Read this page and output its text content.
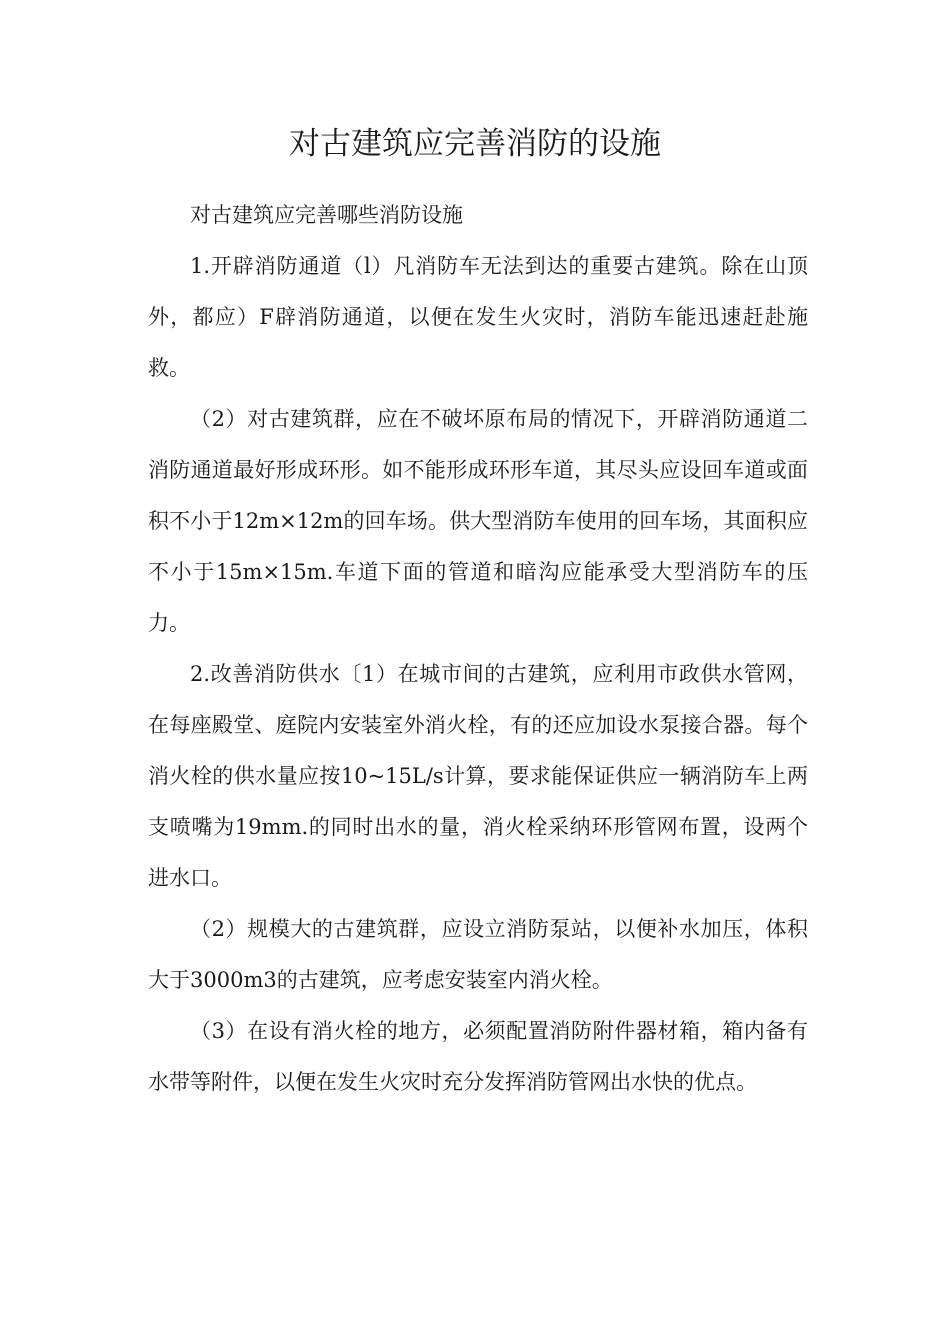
对古建筑应完善消防的设施

对古建筑应完善哪些消防设施

1.开辟消防通道（l）凡消防车无法到达的重要古建筑。除在山顶外，都应）F辟消防通道，以便在发生火灾时，消防车能迅速赶赴施救。

（2）对古建筑群，应在不破坏原布局的情况下，开辟消防通道二消防通道最好形成环形。如不能形成环形车道，其尽头应设回车道或面积不小于12m×12m的回车场。供大型消防车使用的回车场，其面积应不小于15m×15m.车道下面的管道和暗沟应能承受大型消防车的压力。

2.改善消防供水〔1）在城市间的古建筑，应利用市政供水管网，在每座殿堂、庭院内安装室外消火栓，有的还应加设水泵接合器。每个消火栓的供水量应按10~15L/s计算，要求能保证供应一辆消防车上两支喷嘴为19mm.的同时出水的量，消火栓采纳环形管网布置，设两个进水口。

（2）规模大的古建筑群，应设立消防泵站，以便补水加压，体积大于3000m3的古建筑，应考虑安装室内消火栓。

（3）在设有消火栓的地方，必须配置消防附件器材箱，箱内备有水带等附件，以便在发生火灾时充分发挥消防管网出水快的优点。
